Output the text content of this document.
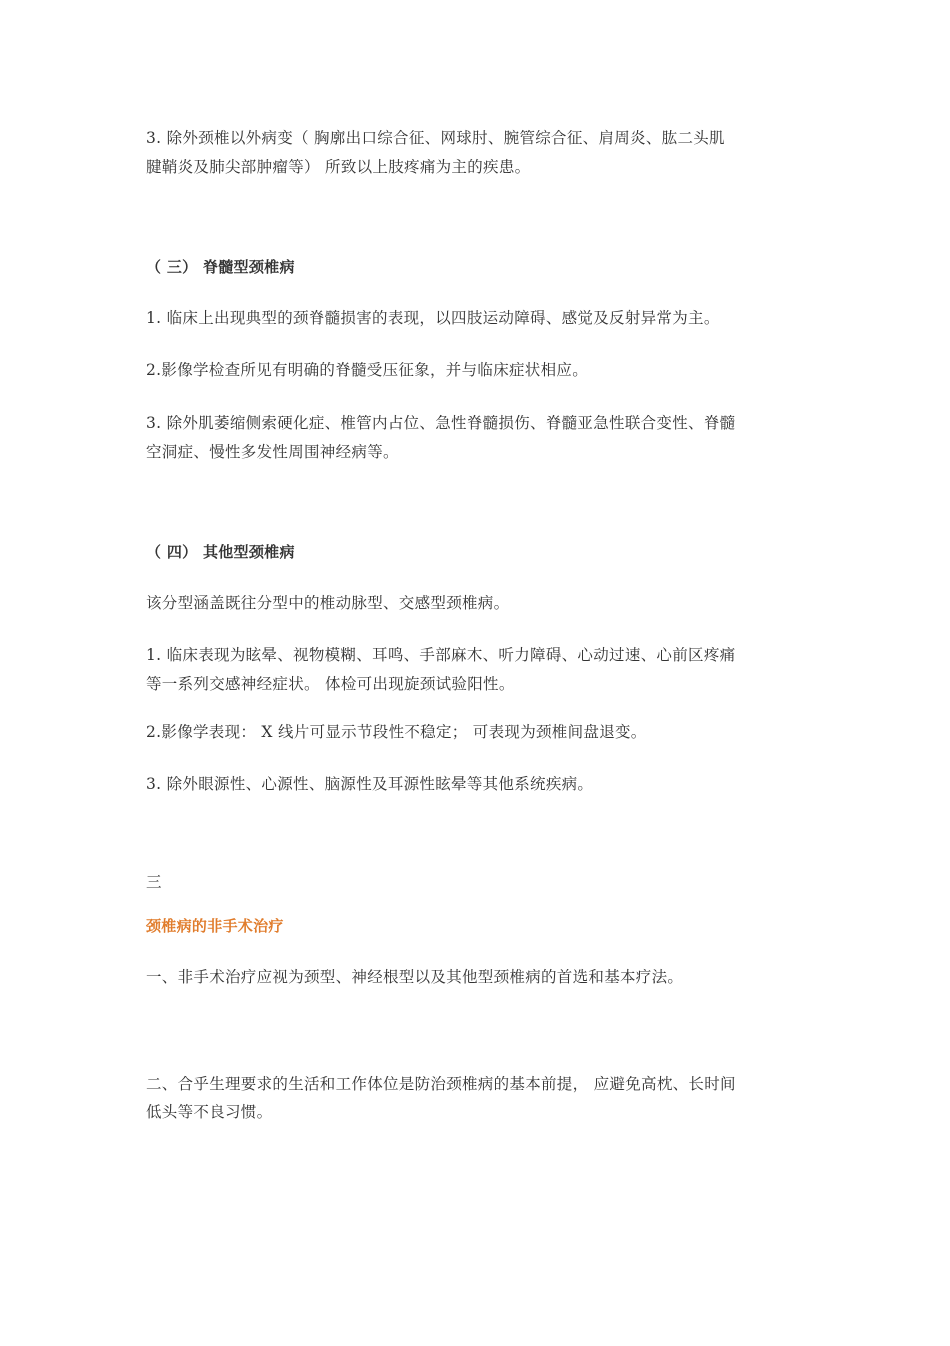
3. 除外颈椎以外病变（ 胸廓出口综合征、网球肘、腕管综合征、肩周炎、肱二头肌
腱鞘炎及肺尖部肿瘤等） 所致以上肢疼痛为主的疾患。
（ 三） 脊髓型颈椎病
1. 临床上出现典型的颈脊髓损害的表现，以四肢运动障碍、感觉及反射异常为主。
2.影像学检查所见有明确的脊髓受压征象，并与临床症状相应。
3. 除外肌萎缩侧索硬化症、椎管内占位、急性脊髓损伤、脊髓亚急性联合变性、脊髓
空洞症、慢性多发性周围神经病等。
（ 四） 其他型颈椎病
该分型涵盖既往分型中的椎动脉型、交感型颈椎病。
1. 临床表现为眩晕、视物模糊、耳鸣、手部麻木、听力障碍、心动过速、心前区疼痛
等一系列交感神经症状。 体检可出现旋颈试验阳性。
2.影像学表现： X 线片可显示节段性不稳定； 可表现为颈椎间盘退变。
3. 除外眼源性、心源性、脑源性及耳源性眩晕等其他系统疾病。
三
颈椎病的非手术治疗
一、非手术治疗应视为颈型、神经根型以及其他型颈椎病的首选和基本疗法。
二、合乎生理要求的生活和工作体位是防治颈椎病的基本前提， 应避免高枕、长时间
低头等不良习惯。
